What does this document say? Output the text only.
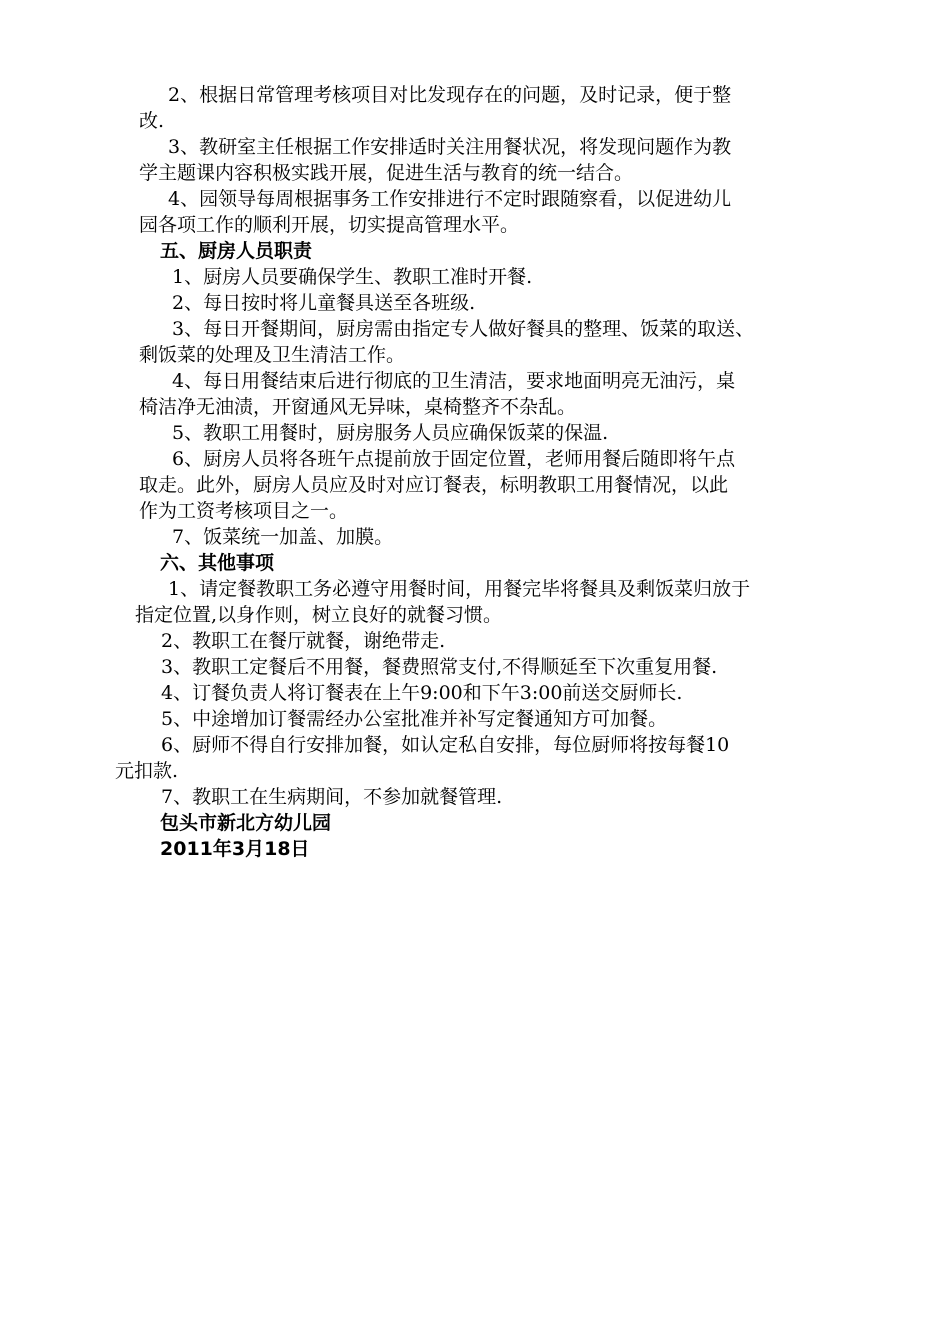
2、根据日常管理考核项目对比发现存在的问题，及时记录，便于整
改.
3、教研室主任根据工作安排适时关注用餐状况，将发现问题作为教
学主题课内容积极实践开展，促进生活与教育的统一结合。
4、园领导每周根据事务工作安排进行不定时跟随察看，以促进幼儿
园各项工作的顺利开展，切实提高管理水平。
五、厨房人员职责
1、厨房人员要确保学生、教职工准时开餐.
2、每日按时将儿童餐具送至各班级.
3、每日开餐期间，厨房需由指定专人做好餐具的整理、饭菜的取送、
剩饭菜的处理及卫生清洁工作。
4、每日用餐结束后进行彻底的卫生清洁，要求地面明亮无油污，桌
椅洁净无油渍，开窗通风无异味，桌椅整齐不杂乱。
5、教职工用餐时，厨房服务人员应确保饭菜的保温.
6、厨房人员将各班午点提前放于固定位置，老师用餐后随即将午点
取走。此外，厨房人员应及时对应订餐表，标明教职工用餐情况，以此
作为工资考核项目之一。
7、饭菜统一加盖、加膜。
六、其他事项
1、请定餐教职工务必遵守用餐时间，用餐完毕将餐具及剩饭菜归放于
指定位置,以身作则，树立良好的就餐习惯。
2、教职工在餐厅就餐，谢绝带走.
3、教职工定餐后不用餐，餐费照常支付,不得顺延至下次重复用餐.
4、订餐负责人将订餐表在上午9:00和下午3:00前送交厨师长.
5、中途增加订餐需经办公室批准并补写定餐通知方可加餐。
6、厨师不得自行安排加餐，如认定私自安排，每位厨师将按每餐10
元扣款.
7、教职工在生病期间，不参加就餐管理.
包头市新北方幼儿园
2011年3月18日
